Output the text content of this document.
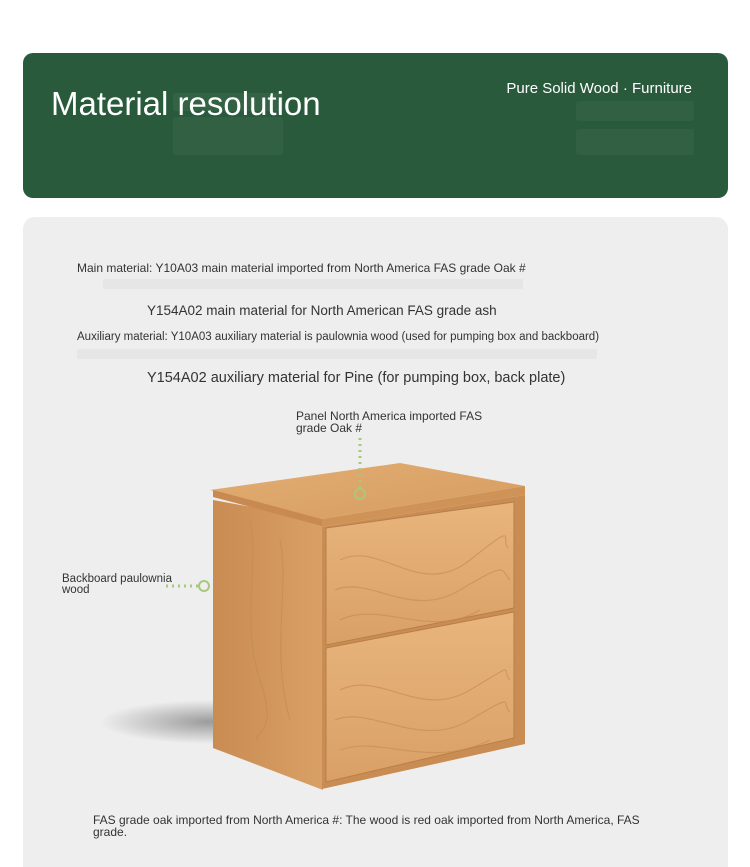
Material resolution	Pure Solid Wood · Furniture
Main material: Y10A03 main material imported from North America FAS grade Oak #
Y154A02 main material for North American FAS grade ash
Auxiliary material: Y10A03 auxiliary material is paulownia wood (used for pumping box and backboard)
Y154A02 auxiliary material for Pine (for pumping box, back plate)
Panel North America imported FAS grade Oak #
Backboard paulownia wood
FAS grade oak imported from North America #: The wood is red oak imported from North America, FAS grade.
